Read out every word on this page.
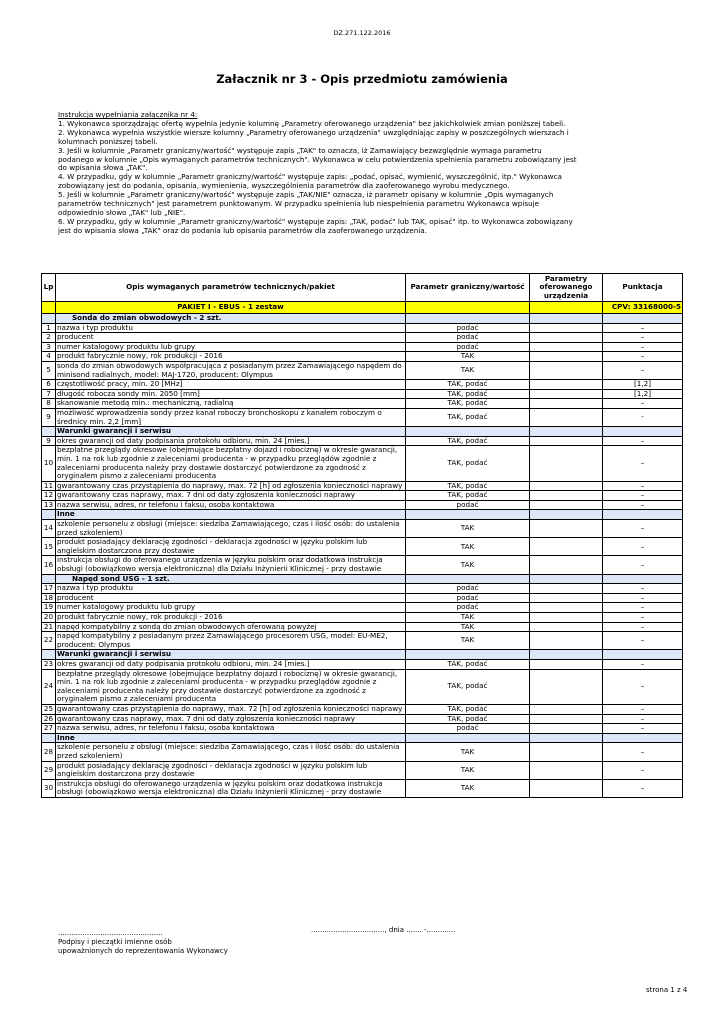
DZ.271.122.2016
Załacznik nr 3 - Opis przedmiotu zamówienia
Instrukcja wypełniania załącznika nr 4:
1. Wykonawca sporządzając ofertę wypełnia jedynie kolumnę „Parametry oferowanego urządzenia" bez jakichkolwiek zmian poniższej tabeli.
2. Wykonawca wypełnia wszystkie wiersze kolumny „Parametry oferowanego urządzenia" uwzględniając zapisy w poszczególnych wierszach i kolumnach poniższej tabeli.
3. Jeśli w kolumnie „Parametr graniczny/wartość" występuje zapis „TAK" to oznacza, iż Zamawiający bezwzględnie wymaga parametru podanego w kolumnie „Opis wymaganych parametrów technicznych". Wykonawca w celu potwierdzenia spełnienia parametru zobowiązany jest do wpisania słowa „TAK".
4. W przypadku, gdy w kolumnie „Parametr graniczny/wartość" występuje zapis: „podać, opisać, wymienić, wyszczególnić, itp." Wykonawca zobowiązany jest do podania, opisania, wymienienia, wyszczególnienia parametrów dla zaoferowanego wyrobu medycznego.
5. Jeśli w kolumnie „Parametr graniczny/wartość" występuje zapis „TAK/NIE" oznacza, iż parametr opisany w kolumnie „Opis wymaganych parametrów technicznych" jest parametrem punktowanym. W przypadku spełnienia lub niespełnienia parametru Wykonawca wpisuje odpowiednio słowo „TAK" lub „NIE".
6. W przypadku, gdy w kolumnie „Parametr graniczny/wartość" występuje zapis: „TAK, podać" lub TAK, opisać" itp. to Wykonawca zobowiązany jest do wpisania słowa „TAK" oraz do podania lub opisania parametrów dla zaoferowanego urządzenia.
Lp	Opis wymaganych parametrów technicznych/pakiet	Parametr graniczny/wartość	Parametry oferowanego urządzenia	Punktacja
	PAKIET I - EBUS - 1 zestaw			CPV: 33168000-5
	Sonda do zmian obwodowych - 2 szt.			
1	nazwa i typ produktu	podać		–
2	producent	podać		–
3	numer katalogowy produktu lub grupy	podać		–
4	produkt fabrycznie nowy, rok produkcji - 2016	TAK		–
5	sonda do zmian obwodowych współpracująca z posiadanym przez Zamawiającego napędem do minisond radialnych, model: MAJ-1720, producent: Olympus	TAK		–
6	częstotliwość pracy, min. 20 [MHz]	TAK, podać		[1,2]
7	długość robocza sondy min. 2050 [mm]	TAK, podać		[1,2]
8	skanowanie metodą min.: mechaniczną, radialną	TAK, podać		–
9	możliwość wprowadzenia sondy przez kanał roboczy bronchoskopu z kanałem roboczym o średnicy min. 2,2 [mm]	TAK, podać		-
	Warunki gwarancji i serwisu			
9	okres gwarancji od daty podpisania protokołu odbioru, min. 24 [mies.]	TAK, podać		–
10	bezpłatne przeglądy okresowe (obejmujące bezpłatny dojazd i robociznę) w okresie gwarancji, min. 1 na rok lub zgodnie z zaleceniami producenta - w przypadku przeglądów zgodnie z zaleceniami producenta należy przy dostawie dostarczyć potwierdzone za zgodność z oryginałem pismo z zaleceniami producenta	TAK, podać		–
11	gwarantowany czas przystąpienia do naprawy, max. 72 [h] od zgłoszenia konieczności naprawy	TAK, podać		–
12	gwarantowany czas naprawy, max. 7 dni od daty zgłoszenia konieczności naprawy	TAK, podać		–
13	nazwa serwisu, adres, nr telefonu i faksu, osoba kontaktowa	podać		–
	Inne			
14	szkolenie personelu z obsługi (miejsce: siedziba Zamawiającego, czas i ilość osób: do ustalenia przed szkoleniem)	TAK		–
15	produkt posiadający deklarację zgodności - deklaracja zgodności w języku polskim lub angielskim dostarczona przy dostawie	TAK		–
16	instrukcja obsługi do oferowanego urządzenia w języku polskim oraz dodatkowa instrukcja obsługi (obowiązkowo wersja elektroniczna) dla Działu Inżynierii Klinicznej - przy dostawie	TAK		–
	Napęd sond USG - 1 szt.			
17	nazwa i typ produktu	podać		–
18	producent	podać		–
19	numer katalogowy produktu lub grupy	podać		–
20	produkt fabrycznie nowy, rok produkcji - 2016	TAK		–
21	napęd kompatybilny z sondą do zmian obwodowych oferowaną powyżej	TAK		–
22	napęd kompatybilny z posiadanym przez Zamawiającego procesorem USG, model: EU-ME2, producent: Olympus	TAK		–
	Warunki gwarancji i serwisu			
23	okres gwarancji od daty podpisania protokołu odbioru, min. 24 [mies.]	TAK, podać		–
24	bezpłatne przeglądy okresowe (obejmujące bezpłatny dojazd i robociznę) w okresie gwarancji, min. 1 na rok lub zgodnie z zaleceniami producenta - w przypadku przeglądów zgodnie z zaleceniami producenta należy przy dostawie dostarczyć potwierdzone za zgodność z oryginałem pismo z zaleceniami producenta	TAK, podać		–
25	gwarantowany czas przystąpienia do naprawy, max. 72 [h] od zgłoszenia konieczności naprawy	TAK, podać		–
26	gwarantowany czas naprawy, max. 7 dni od daty zgłoszenia konieczności naprawy	TAK, podać		–
27	nazwa serwisu, adres, nr telefonu i faksu, osoba kontaktowa	podać		–
	Inne			
28	szkolenie personelu z obsługi (miejsce: siedziba Zamawiającego, czas i ilość osób: do ustalenia przed szkoleniem)	TAK		–
29	produkt posiadający deklarację zgodności - deklaracja zgodności w języku polskim lub angielskim dostarczona przy dostawie	TAK		–
30	instrukcja obsługi do oferowanego urządzenia w języku polskim oraz dodatkowa instrukcja obsługi (obowiązkowo wersja elektroniczna) dla Działu Inżynierii Klinicznej - przy dostawie	TAK		–
...............................................
Podpisy i pieczątki imienne osób
upoważnionych do reprezentowania Wykonawcy
................................., dnia ....... -.............
strona 1 z 4
